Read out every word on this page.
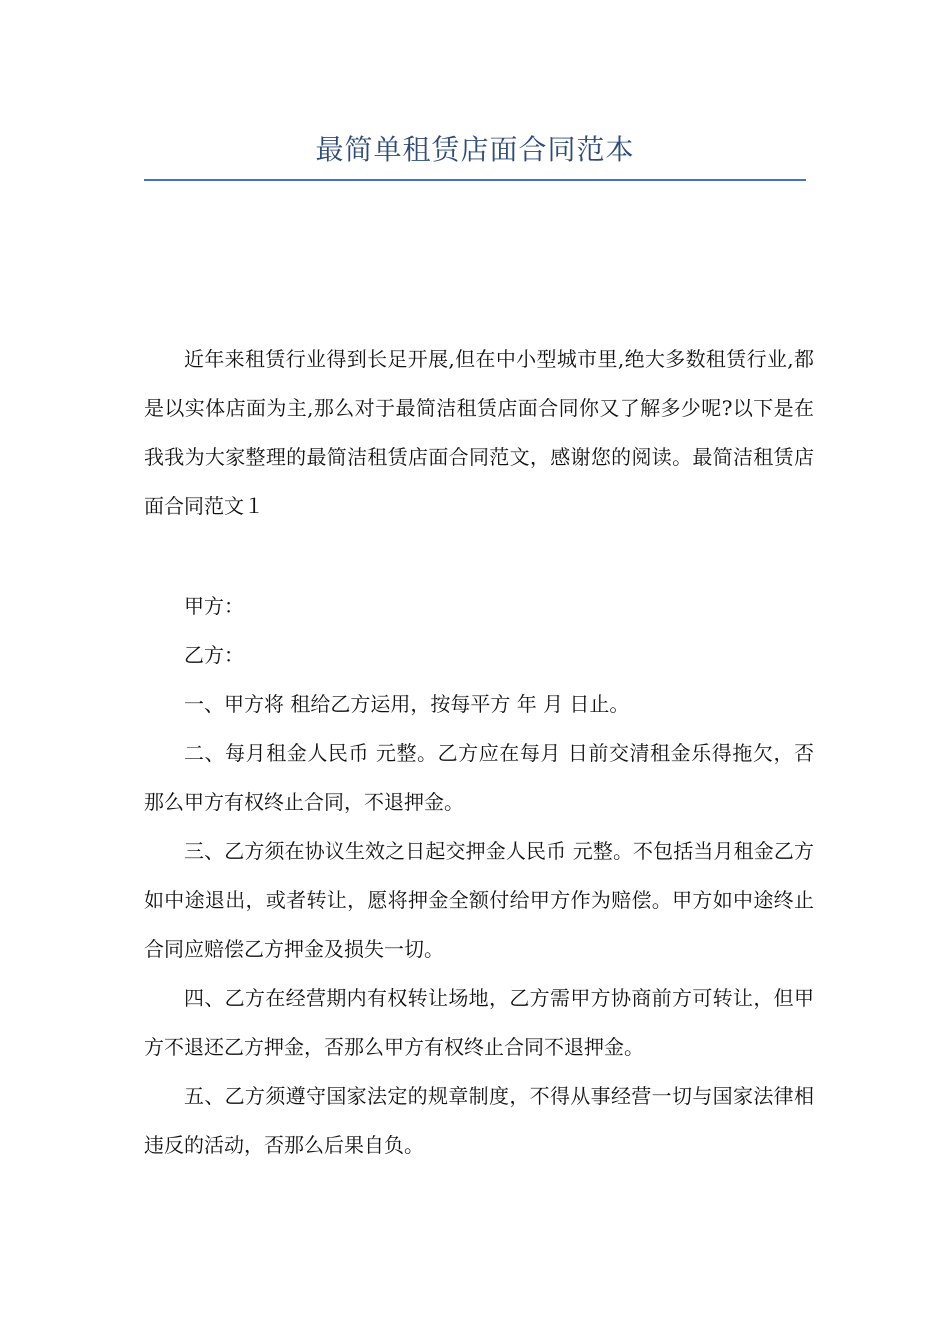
最简单租赁店面合同范本

近年来租赁行业得到长足开展,但在中小型城市里,绝大多数租赁行业,都是以实体店面为主,那么对于最简洁租赁店面合同你又了解多少呢?以下是在我我为大家整理的最简洁租赁店面合同范文，感谢您的阅读。最简洁租赁店面合同范文１

甲方：

乙方：

一、甲方将 租给乙方运用，按每平方 年 月 日止。

二、每月租金人民币 元整。乙方应在每月 日前交清租金乐得拖欠，否那么甲方有权终止合同，不退押金。

三、乙方须在协议生效之日起交押金人民币 元整。不包括当月租金乙方如中途退出，或者转让，愿将押金全额付给甲方作为赔偿。甲方如中途终止合同应赔偿乙方押金及损失一切。

四、乙方在经营期内有权转让场地，乙方需甲方协商前方可转让，但甲方不退还乙方押金，否那么甲方有权终止合同不退押金。

五、乙方须遵守国家法定的规章制度，不得从事经营一切与国家法律相违反的活动，否那么后果自负。
